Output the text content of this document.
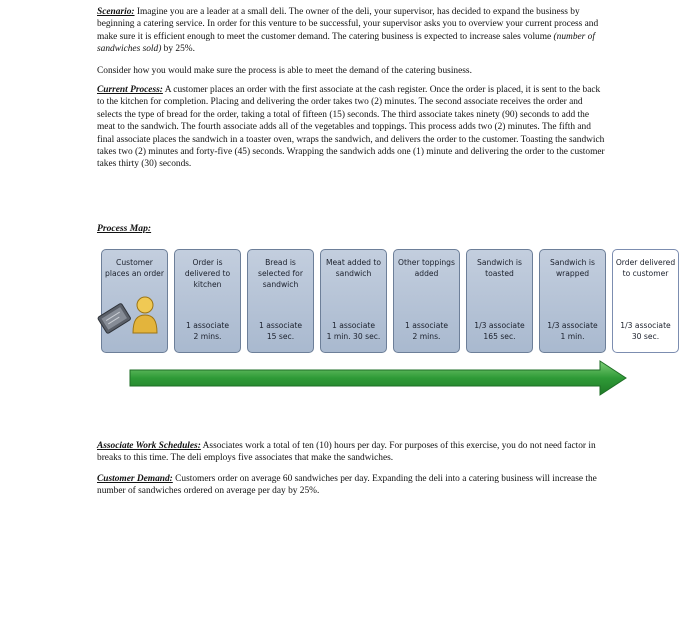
Scenario: Imagine you are a leader at a small deli. The owner of the deli, your supervisor, has decided to expand the business by beginning a catering service. In order for this venture to be successful, your supervisor asks you to overview your current process and make sure it is efficient enough to meet the customer demand. The catering business is expected to increase sales volume (number of sandwiches sold) by 25%.

Consider how you would make sure the process is able to meet the demand of the catering business.

Current Process: A customer places an order with the first associate at the cash register. Once the order is placed, it is sent to the back to the kitchen for completion. Placing and delivering the order takes two (2) minutes. The second associate receives the order and selects the type of bread for the order, taking a total of fifteen (15) seconds. The third associate takes ninety (90) seconds to add the meat to the sandwich. The fourth associate adds all of the vegetables and toppings. This process adds two (2) minutes. The fifth and final associate places the sandwich in a toaster oven, wraps the sandwich, and delivers the order to the customer. Toasting the sandwich takes two (2) minutes and forty-five (45) seconds. Wrapping the sandwich adds one (1) minute and delivering the order to the customer takes thirty (30) seconds.

Process Map:
Customer places an order
Order is delivered to kitchen
1 associate
2 mins.
Bread is selected for sandwich
1 associate
15 sec.
Meat added to sandwich
1 associate
1 min. 30 sec.
Other toppings added
1 associate
2 mins.
Sandwich is toasted
1/3 associate
165 sec.
Sandwich is wrapped
1/3 associate
1 min.
Order delivered to customer
1/3 associate
30 sec.

Associate Work Schedules: Associates work a total of ten (10) hours per day. For purposes of this exercise, you do not need factor in breaks to this time. The deli employs five associates that make the sandwiches.

Customer Demand: Customers order on average 60 sandwiches per day. Expanding the deli into a catering business will increase the number of sandwiches ordered on average per day by 25%.
